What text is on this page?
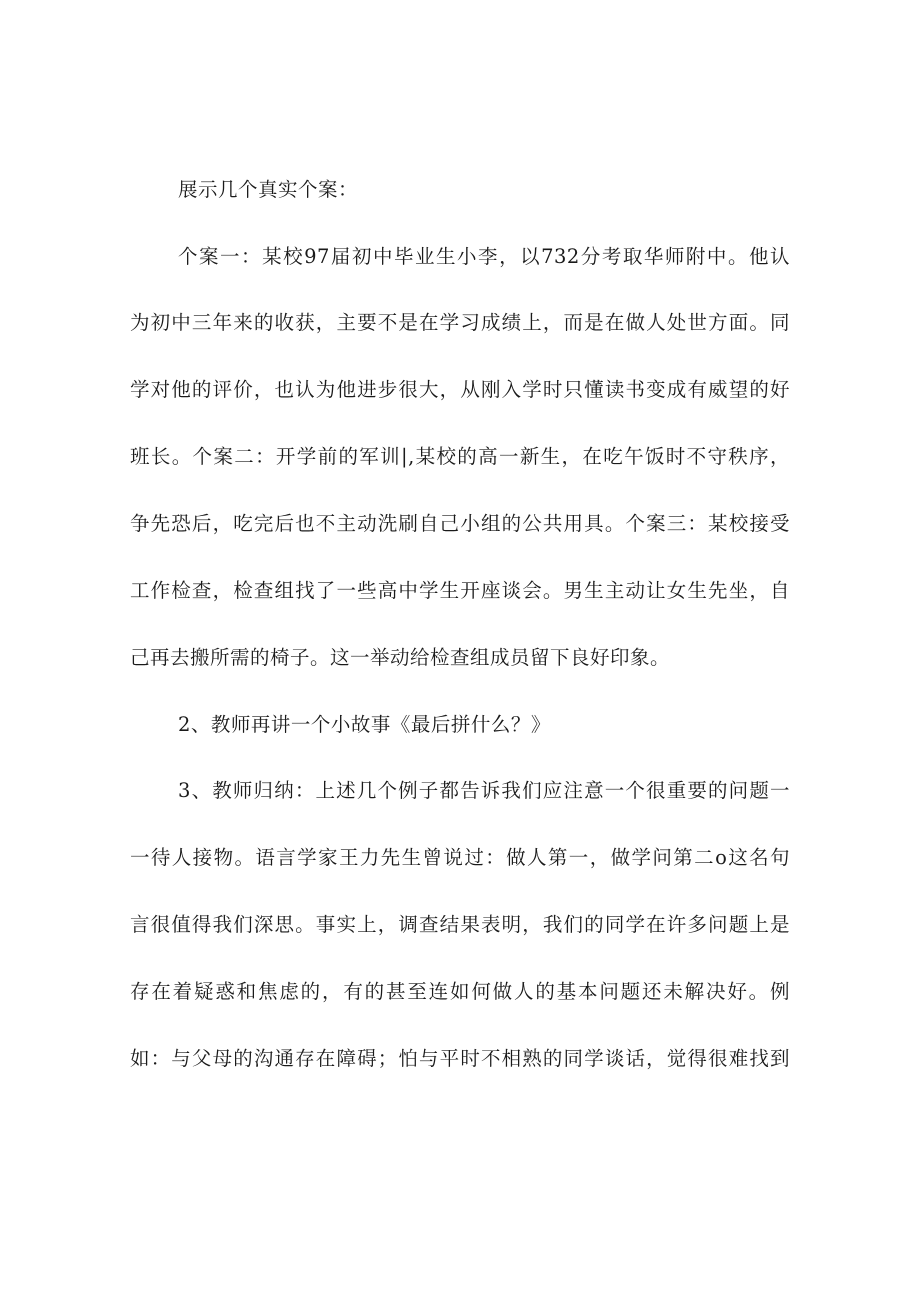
展示几个真实个案：
个案一：某校97届初中毕业生小李，以732分考取华师附中。他认
为初中三年来的收获，主要不是在学习成绩上，而是在做人处世方面。同
学对他的评价，也认为他进步很大，从刚入学时只懂读书变成有威望的好
班长。个案二：开学前的军训|,某校的高一新生，在吃午饭时不守秩序，
争先恐后，吃完后也不主动洗刷自己小组的公共用具。个案三：某校接受
工作检查，检查组找了一些高中学生开座谈会。男生主动让女生先坐，自
己再去搬所需的椅子。这一举动给检查组成员留下良好印象。
2、教师再讲一个小故事《最后拼什么？》
3、教师归纳：上述几个例子都告诉我们应注意一个很重要的问题一
一待人接物。语言学家王力先生曾说过：做人第一，做学问第二o这名句
言很值得我们深思。事实上，调查结果表明，我们的同学在许多问题上是
存在着疑惑和焦虑的，有的甚至连如何做人的基本问题还未解决好。例
如：与父母的沟通存在障碍；怕与平时不相熟的同学谈话，觉得很难找到
